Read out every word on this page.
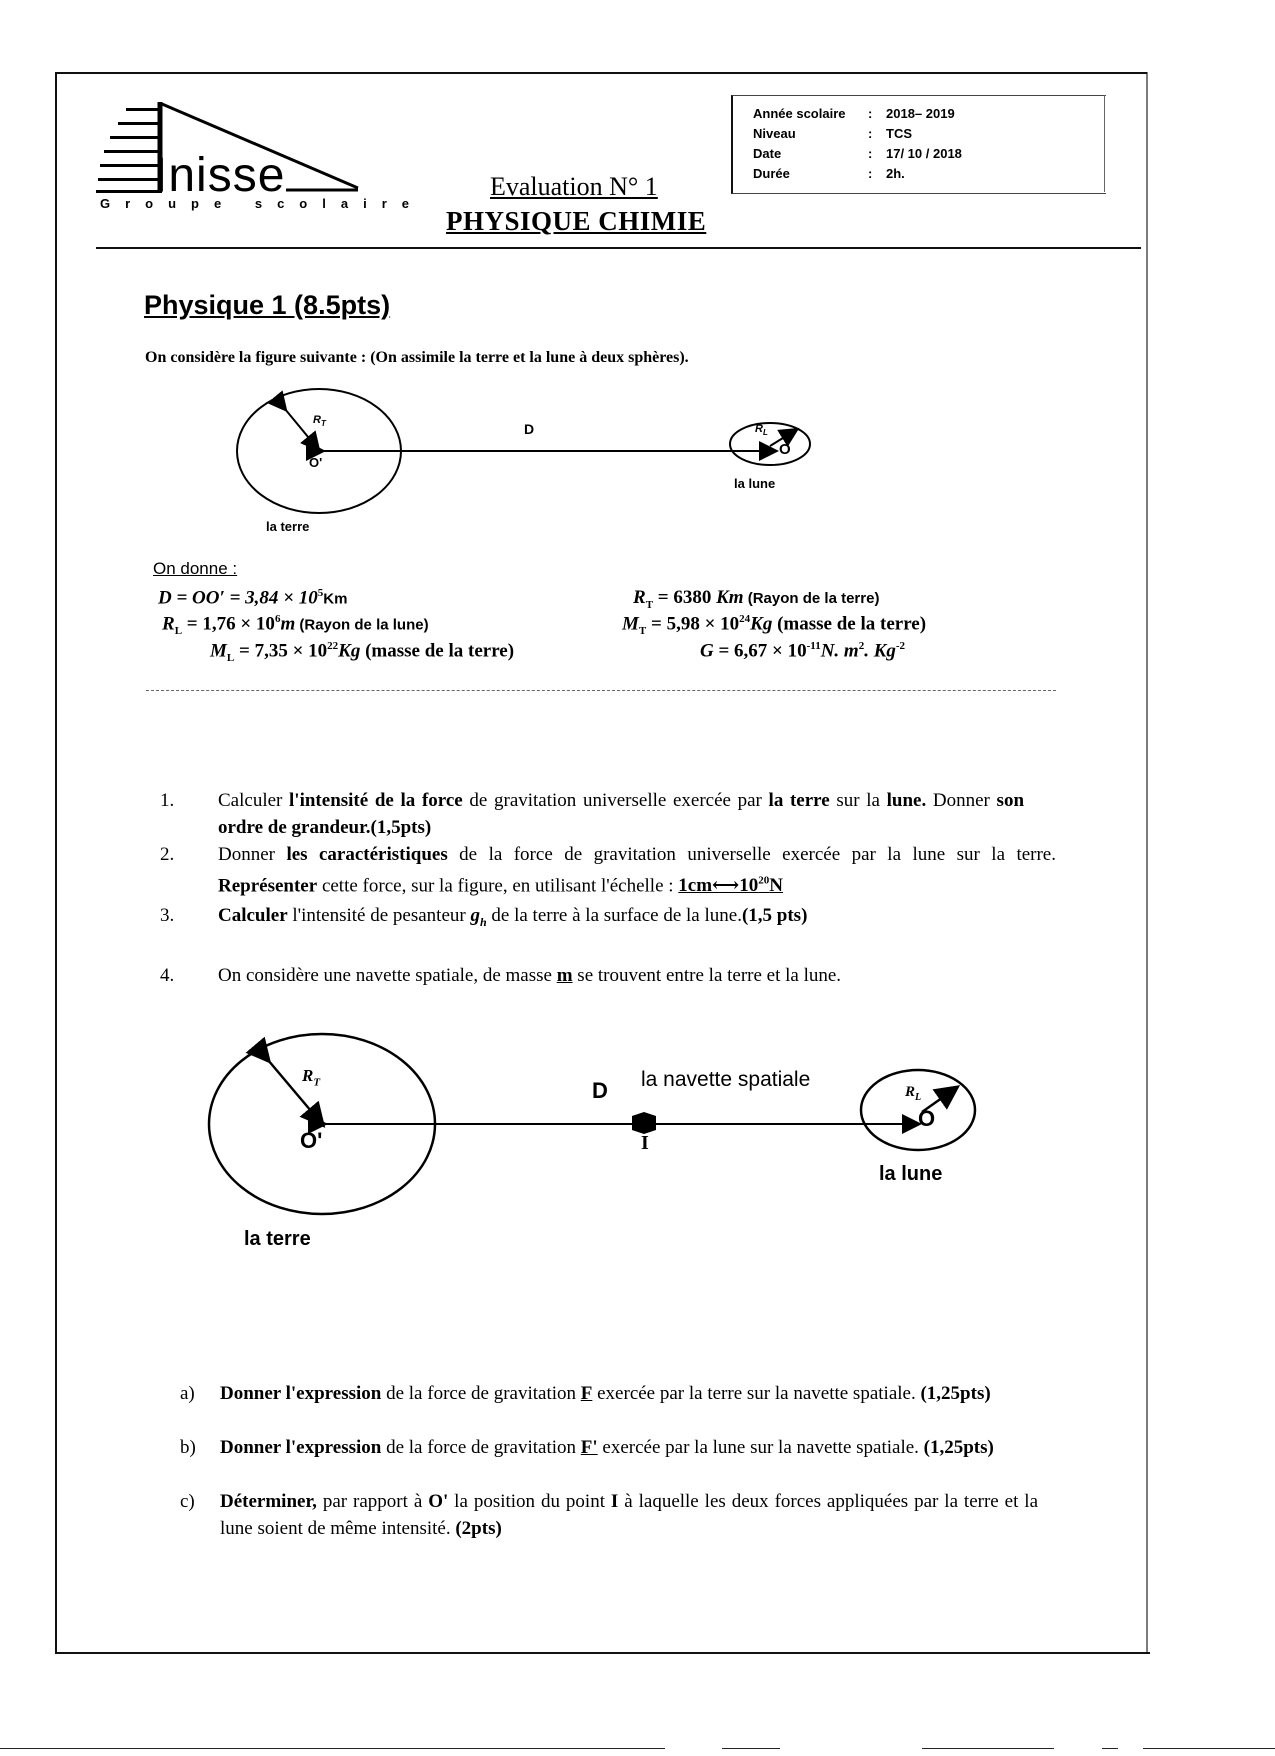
Inisse
Groupe scolaire
Evaluation N° 1
PHYSIQUE CHIMIE
Année scolaire : 2018– 2019
Niveau	: TCS
Date	: 17/ 10 / 2018
Durée	: 2h.
Physique 1 (8.5pts)
On considère la figure suivante : (On assimile la terre et la lune à deux sphères).
$R_T$	D
O'
$R_L$
O
la terre
la lune
On donne :
$D = OO' = 3,84 \times 10^5Km$	$R_T = 6380$ Km (Rayon de la terre)
$R_L = 1,76 \times 10^6m$ (Rayon de la lune)	$M_T = 5,98 \times 10^{24}Kg$ (masse de la terre)
$M_L = 7,35 \times 10^{22}Kg$ (masse de la terre)	$G = 6,67 \times 10^{-11}N$. $m^2$. $Kg^{-2}$
1.	Calculer l'intensité de la force de gravitation universelle exercée par la terre sur la lune. Donner son ordre de grandeur.(1,5pts)
2.	Donner les caractéristiques de la force de gravitation universelle exercée par la lune sur la terre. Représenter cette force, sur la figure, en utilisant l'échelle : $1cm⟷10^{20}N$
3.	Calculer l'intensité de pesanteur $g_h$ de la terre à la surface de la lune.(1,5 pts)
4.	On considère une navette spatiale, de masse m se trouvent entre la terre et la lune.
$R_T$	D la navette spatiale
I
O'
$R_L$
O
la terre
la lune
a) Donner l'expression de la force de gravitation F exercée par la terre sur la navette spatiale. (1,25pts)
b) Donner l'expression de la force de gravitation F' exercée par la lune sur la navette spatiale. (1,25pts)
c) Déterminer, par rapport à O' la position du point I à laquelle les deux forces appliquées par la terre et la lune soient de même intensité. (2pts)
